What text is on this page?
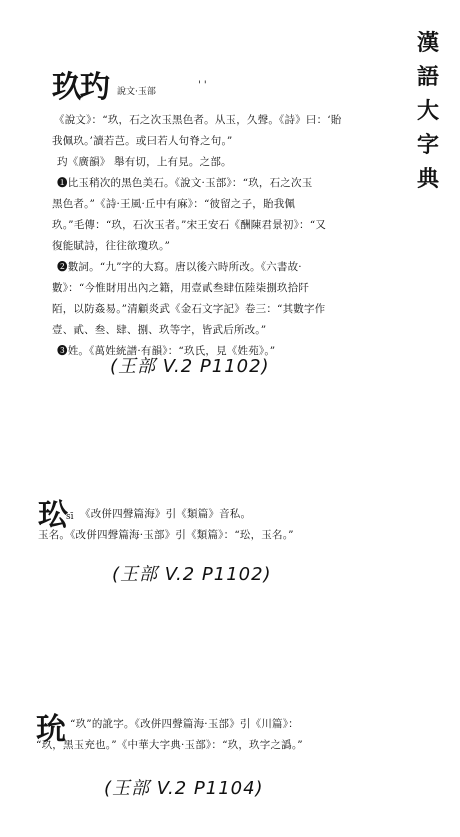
漢
語
大
字
典
玖玓 說文·玉部
' '
《說文》：“玖，石之次玉黑色者。从玉，久聲。《詩》曰：‘貽
我佩玖。’讀若芑。或曰若人句脊之句。”
玓《廣韻》 舉有切，上有見。之部。
❶比玉稍次的黑色美石。《說文·玉部》：“玖，石之次玉
黑色者。”《詩·王風·丘中有麻》：“彼留之子，貽我佩
玖。”毛傳：“玖，石次玉者。”宋王安石《酬陳君景初》：“又
復能賦詩，往往欲瓊玖。”
❷數詞。“九”字的大寫。唐以後六時所改。《六書故·
數》：“今惟財用出內之籍，用壹貳叁肆伍陸柒捌玖拾阡
陌，以防姦易。”清顧炎武《金石文字記》卷三：“其數字作
壹、貳、叁、肆、捌、玖等字，皆武后所改。”
❸姓。《萬姓統譜·有韻》：“玖氏，見《姓苑》。”
(王部 V.2 P1102)
玜 sī 《改併四聲篇海》引《類篇》音私。
玉名。《改併四聲篇海·玉部》引《類篇》：“玜，玉名。”
(王部 V.2 P1102)
玧 “玖”的訛字。《改併四聲篇海·玉部》引《川篇》：
“玖，黑玉充也。”《中華大字典·玉部》：“玖，玖字之譌。”
(王部 V.2 P1104)
